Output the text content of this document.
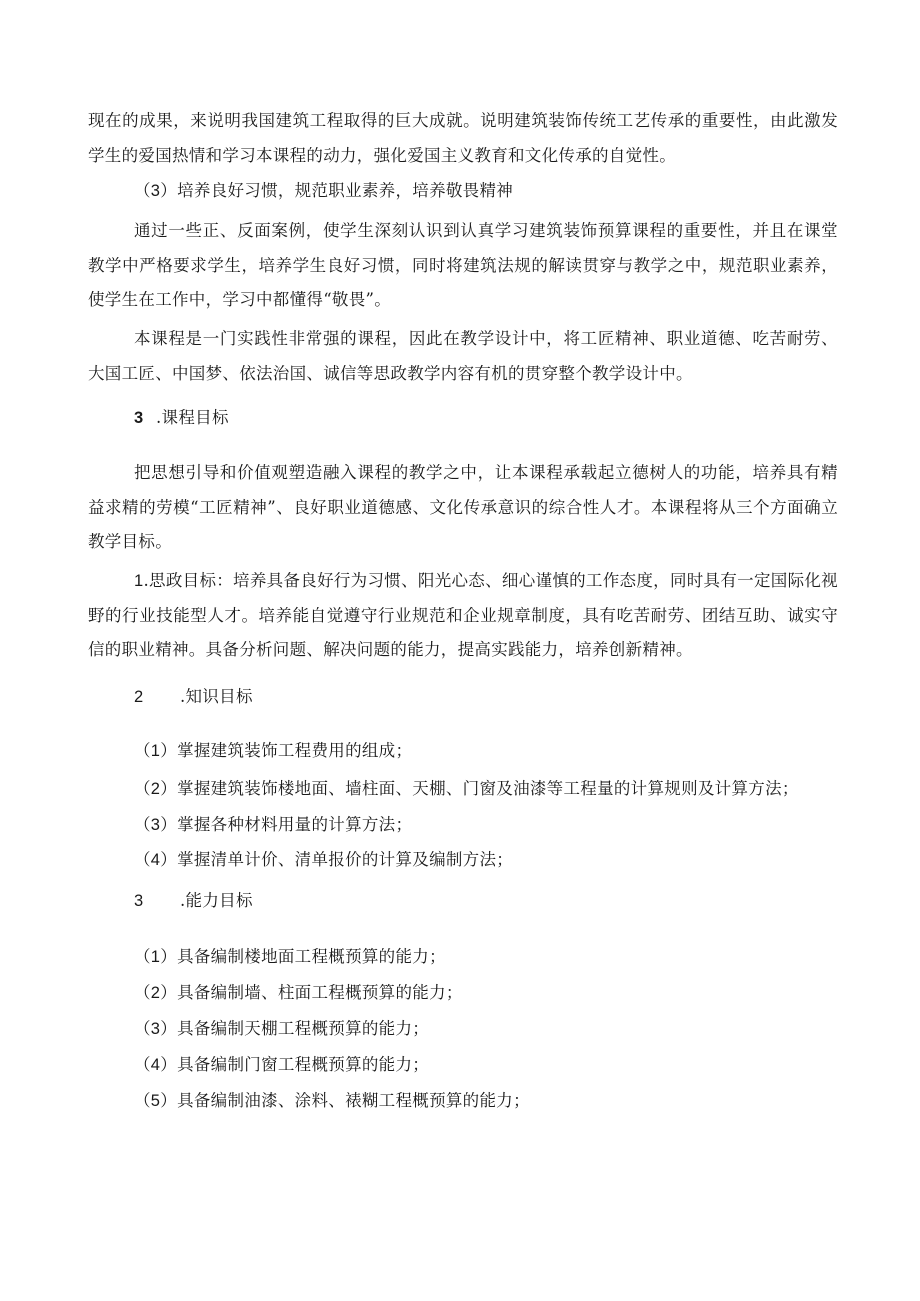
现在的成果，来说明我国建筑工程取得的巨大成就。说明建筑装饰传统工艺传承的重要性，由此激发学生的爱国热情和学习本课程的动力，强化爱国主义教育和文化传承的自觉性。

（3）培养良好习惯，规范职业素养，培养敬畏精神

通过一些正、反面案例，使学生深刻认识到认真学习建筑装饰预算课程的重要性，并且在课堂教学中严格要求学生，培养学生良好习惯，同时将建筑法规的解读贯穿与教学之中，规范职业素养，使学生在工作中，学习中都懂得“敬畏”。

本课程是一门实践性非常强的课程，因此在教学设计中，将工匠精神、职业道德、吃苦耐劳、大国工匠、中国梦、依法治国、诚信等思政教学内容有机的贯穿整个教学设计中。

3 .课程目标

把思想引导和价值观塑造融入课程的教学之中，让本课程承载起立德树人的功能，培养具有精益求精的劳模“工匠精神”、良好职业道德感、文化传承意识的综合性人才。本课程将从三个方面确立教学目标。

1.思政目标：培养具备良好行为习惯、阳光心态、细心谨慎的工作态度，同时具有一定国际化视野的行业技能型人才。培养能自觉遵守行业规范和企业规章制度，具有吃苦耐劳、团结互助、诚实守信的职业精神。具备分析问题、解决问题的能力，提高实践能力，培养创新精神。

2 .知识目标

（1）掌握建筑装饰工程费用的组成；

（2）掌握建筑装饰楼地面、墙柱面、天棚、门窗及油漆等工程量的计算规则及计算方法；

（3）掌握各种材料用量的计算方法；

（4）掌握清单计价、清单报价的计算及编制方法；

3 .能力目标

（1）具备编制楼地面工程概预算的能力；

（2）具备编制墙、柱面工程概预算的能力；

（3）具备编制天棚工程概预算的能力；

（4）具备编制门窗工程概预算的能力；

（5）具备编制油漆、涂料、裱糊工程概预算的能力；
